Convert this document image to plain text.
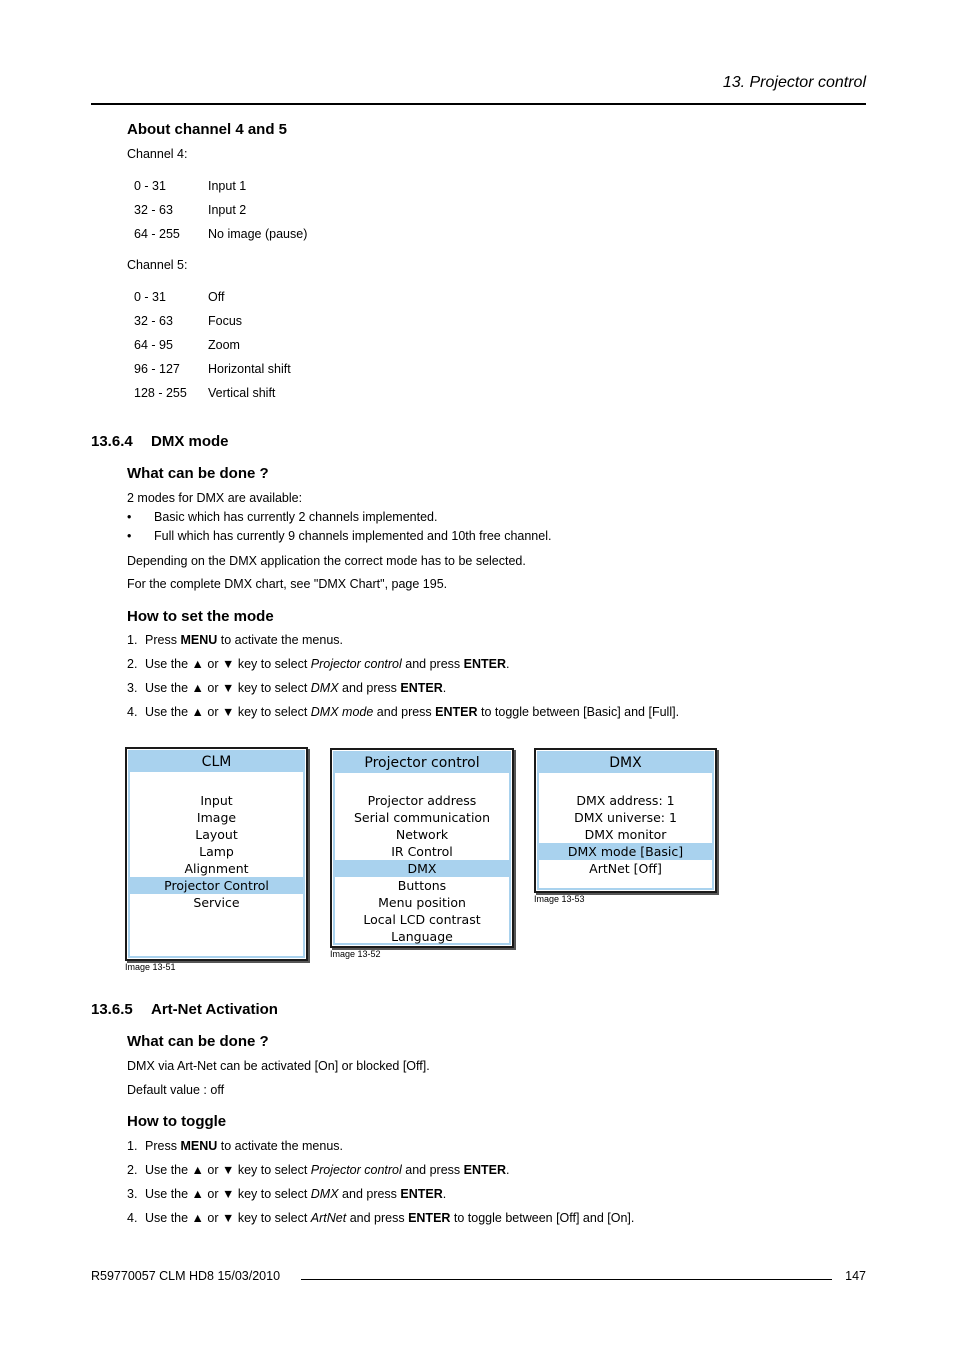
13. Projector control
About channel 4 and 5
Channel 4:
0 - 31	Input 1
32 - 63	Input 2
64 - 255 No image (pause)
Channel 5:
0 - 31	Off
32 - 63	Focus
64 - 95	Zoom
96 - 127 Horizontal shift
128 - 255 Vertical shift
13.6.4 DMX mode
What can be done ?
2 modes for DMX are available:
• Basic which has currently 2 channels implemented.
• Full which has currently 9 channels implemented and 10th free channel.
Depending on the DMX application the correct mode has to be selected.
For the complete DMX chart, see "DMX Chart", page 195.
How to set the mode
1. Press MENU to activate the menus.
2. Use the ▲ or ▼ key to select Projector control and press ENTER.
3. Use the ▲ or ▼ key to select DMX and press ENTER.
4. Use the ▲ or ▼ key to select DMX mode and press ENTER to toggle between [Basic] and [Full].
CLM
Input
Image
Layout
Lamp
Alignment
Projector Control
Service
Image 13-51
Projector control
Projector address
Serial communication
Network
IR Control
DMX
Buttons
Menu position
Local LCD contrast
Language
Image 13-52
DMX
DMX address: 1
DMX universe: 1
DMX monitor
DMX mode [Basic]
ArtNet [Off]
Image 13-53
13.6.5 Art-Net Activation
What can be done ?
DMX via Art-Net can be activated [On] or blocked [Off].
Default value : off
How to toggle
1. Press MENU to activate the menus.
2. Use the ▲ or ▼ key to select Projector control and press ENTER.
3. Use the ▲ or ▼ key to select DMX and press ENTER.
4. Use the ▲ or ▼ key to select ArtNet and press ENTER to toggle between [Off] and [On].
R59770057 CLM HD8 15/03/2010	147
